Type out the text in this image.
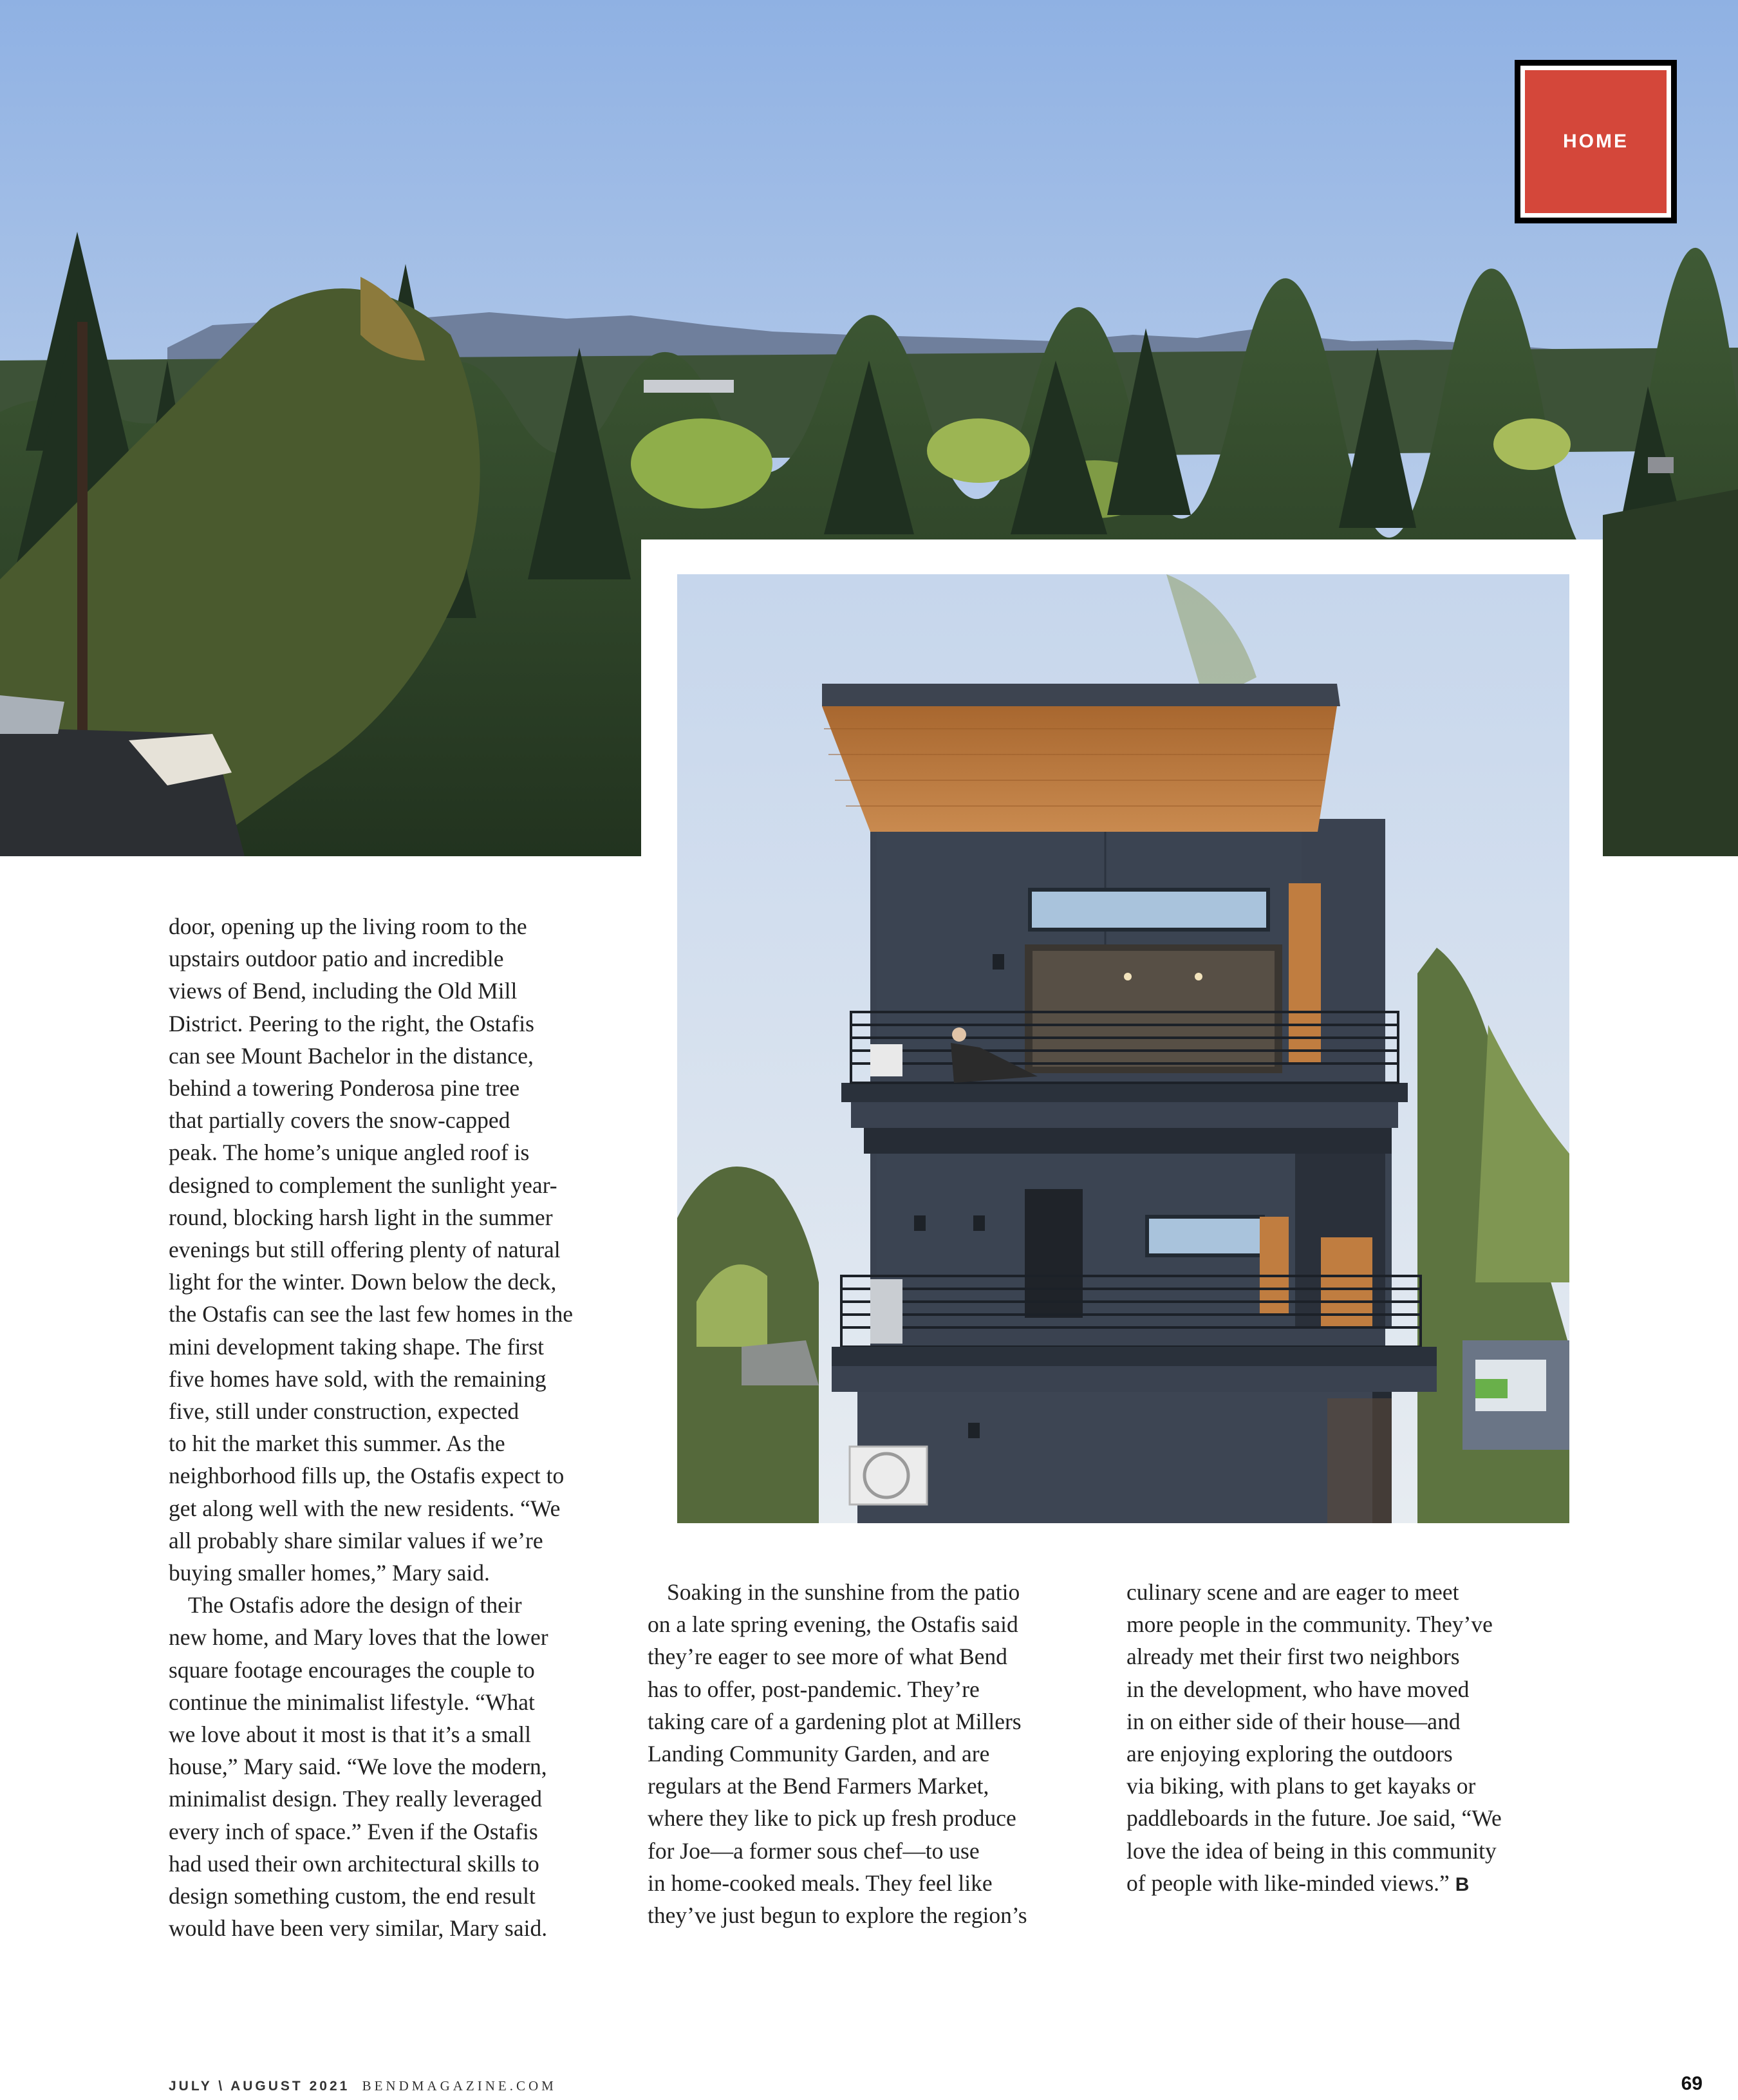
HOME

door, opening up the living room to the
upstairs outdoor patio and incredible
views of Bend, including the Old Mill
District. Peering to the right, the Ostafis
can see Mount Bachelor in the distance,
behind a towering Ponderosa pine tree
that partially covers the snow-capped
peak. The home’s unique angled roof is
designed to complement the sunlight year-
round, blocking harsh light in the summer
evenings but still offering plenty of natural
light for the winter. Down below the deck,
the Ostafis can see the last few homes in the
mini development taking shape. The first
five homes have sold, with the remaining
five, still under construction, expected
to hit the market this summer. As the
neighborhood fills up, the Ostafis expect to
get along well with the new residents. “We
all probably share similar values if we’re
buying smaller homes,” Mary said.

The Ostafis adore the design of their
new home, and Mary loves that the lower
square footage encourages the couple to
continue the minimalist lifestyle. “What
we love about it most is that it’s a small
house,” Mary said. “We love the modern,
minimalist design. They really leveraged
every inch of space.” Even if the Ostafis
had used their own architectural skills to
design something custom, the end result
would have been very similar, Mary said.

Soaking in the sunshine from the patio
on a late spring evening, the Ostafis said
they’re eager to see more of what Bend
has to offer, post-pandemic. They’re
taking care of a gardening plot at Millers
Landing Community Garden, and are
regulars at the Bend Farmers Market,
where they like to pick up fresh produce
for Joe—a former sous chef—to use
in home-cooked meals. They feel like
they’ve just begun to explore the region’s

culinary scene and are eager to meet
more people in the community. They’ve
already met their first two neighbors
in the development, who have moved
in on either side of their house—and
are enjoying exploring the outdoors
via biking, with plans to get kayaks or
paddleboards in the future. Joe said, “We
love the idea of being in this community
of people with like-minded views.” B

JULY \ AUGUST 2021 BENDMAGAZINE.COM	69
